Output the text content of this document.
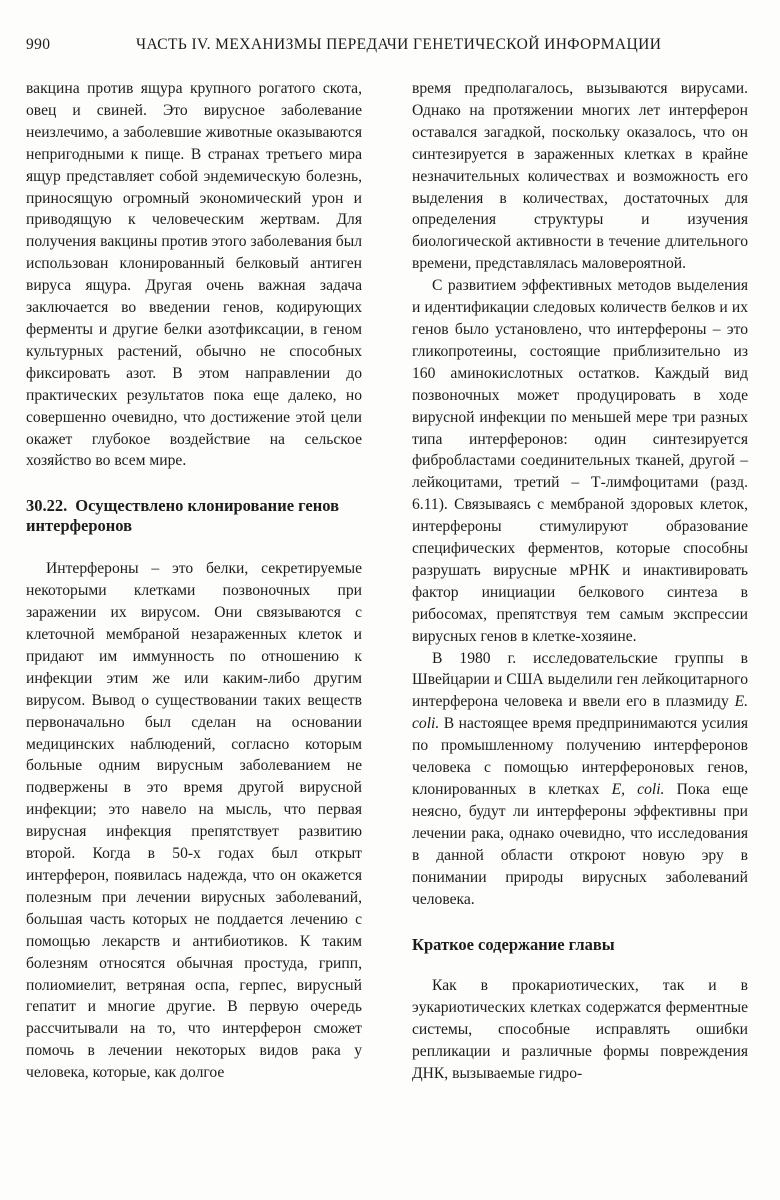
990	ЧАСТЬ IV. МЕХАНИЗМЫ ПЕРЕДАЧИ ГЕНЕТИЧЕСКОЙ ИНФОРМАЦИИ

вакцина против ящура крупного рогатого скота, овец и свиней. Это вирусное заболевание неизлечимо, а заболевшие животные оказываются непригодными к пище. В странах третьего мира ящур представляет собой эндемическую болезнь, приносящую огромный экономический урон и приводящую к человеческим жертвам. Для получения вакцины против этого заболевания был использован клонированный белковый антиген вируса ящура. Другая очень важная задача заключается во введении генов, кодирующих ферменты и другие белки азотфиксации, в геном культурных растений, обычно не способных фиксировать азот. В этом направлении до практических результатов пока еще далеко, но совершенно очевидно, что достижение этой цели окажет глубокое воздействие на сельское хозяйство во всем мире.

30.22. Осуществлено клонирование генов интерферонов

Интерфероны – это белки, секретируемые некоторыми клетками позвоночных при заражении их вирусом. Они связываются с клеточной мембраной незараженных клеток и придают им иммунность по отношению к инфекции этим же или каким-либо другим вирусом. Вывод о существовании таких веществ первоначально был сделан на основании медицинских наблюдений, согласно которым больные одним вирусным заболеванием не подвержены в это время другой вирусной инфекции; это навело на мысль, что первая вирусная инфекция препятствует развитию второй. Когда в 50-х годах был открыт интерферон, появилась надежда, что он окажется полезным при лечении вирусных заболеваний, большая часть которых не поддается лечению с помощью лекарств и антибиотиков. К таким болезням относятся обычная простуда, грипп, полиомиелит, ветряная оспа, герпес, вирусный гепатит и многие другие. В первую очередь рассчитывали на то, что интерферон сможет помочь в лечении некоторых видов рака у человека, которые, как долгое

время предполагалось, вызываются вирусами. Однако на протяжении многих лет интерферон оставался загадкой, поскольку оказалось, что он синтезируется в зараженных клетках в крайне незначительных количествах и возможность его выделения в количествах, достаточных для определения структуры и изучения биологической активности в течение длительного времени, представлялась маловероятной.

С развитием эффективных методов выделения и идентификации следовых количеств белков и их генов было установлено, что интерфероны – это гликопротеины, состоящие приблизительно из 160 аминокислотных остатков. Каждый вид позвоночных может продуцировать в ходе вирусной инфекции по меньшей мере три разных типа интерферонов: один синтезируется фибробластами соединительных тканей, другой – лейкоцитами, третий – Т-лимфоцитами (разд. 6.11). Связываясь с мембраной здоровых клеток, интерфероны стимулируют образование специфических ферментов, которые способны разрушать вирусные мРНК и инактивировать фактор инициации белкового синтеза в рибосомах, препятствуя тем самым экспрессии вирусных генов в клетке-хозяине.

В 1980 г. исследовательские группы в Швейцарии и США выделили ген лейкоцитарного интерферона человека и ввели его в плазмиду E. coli. В настоящее время предпринимаются усилия по промышленному получению интерферонов человека с помощью интерфероновых генов, клонированных в клетках E, coli. Пока еще неясно, будут ли интерфероны эффективны при лечении рака, однако очевидно, что исследования в данной области откроют новую эру в понимании природы вирусных заболеваний человека.

Краткое содержание главы

Как в прокариотических, так и в эукариотических клетках содержатся ферментные системы, способные исправлять ошибки репликации и различные формы повреждения ДНК, вызываемые гидро-
